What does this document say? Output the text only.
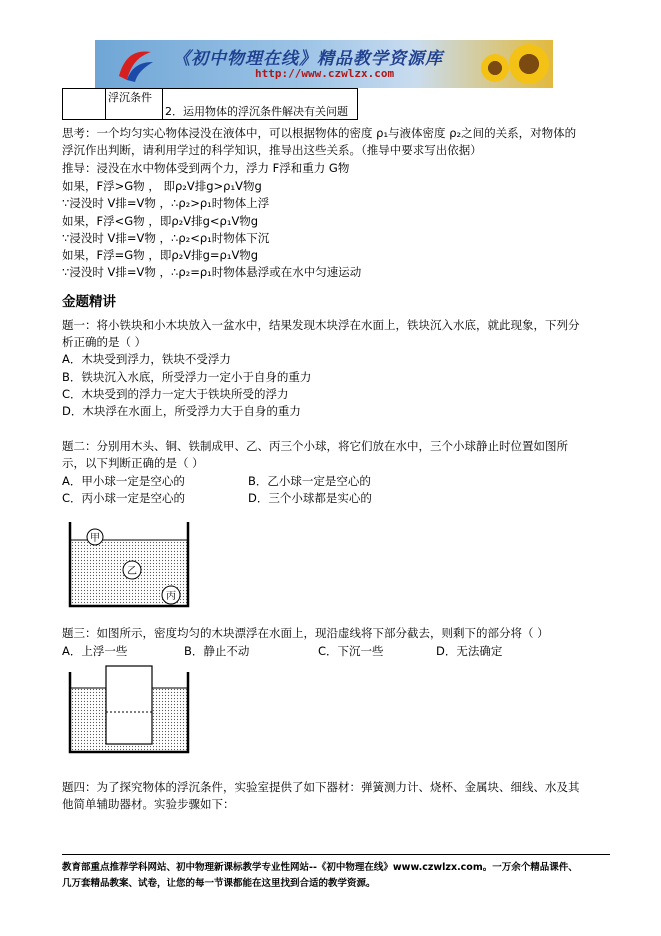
《初中物理在线》精品教学资源库
http://www.czwlzx.com
	浮沉条件	2．运用物体的浮沉条件解决有关问题
思考：一个均匀实心物体浸没在液体中，可以根据物体的密度 ρ₁与液体密度 ρ₂之间的关系，对物体的
浮沉作出判断，请利用学过的科学知识，推导出这些关系。（推导中要求写出依据）
推导：浸没在水中物体受到两个力，浮力 F浮和重力 G物
如果，F浮>G物 ， 即ρ₂V排g>ρ₁V物g
∵浸没时 V排=V物 ，∴ρ₂>ρ₁时物体上浮
如果，F浮<G物 ，即ρ₂V排g<ρ₁V物g
∵浸没时 V排=V物 ，∴ρ₂<ρ₁时物体下沉
如果，F浮=G物 ，即ρ₂V排g=ρ₁V物g
∵浸没时 V排=V物 ，∴ρ₂=ρ₁时物体悬浮或在水中匀速运动
金题精讲
题一：将小铁块和小木块放入一盆水中，结果发现木块浮在水面上，铁块沉入水底，就此现象，下列分
析正确的是（ ）
A．木块受到浮力，铁块不受浮力
B．铁块沉入水底，所受浮力一定小于自身的重力
C．木块受到的浮力一定大于铁块所受的浮力
D．木块浮在水面上，所受浮力大于自身的重力
题二：分别用木头、铜、铁制成甲、乙、丙三个小球，将它们放在水中，三个小球静止时位置如图所
示，以下判断正确的是（ ）
A．甲小球一定是空心的	B．乙小球一定是空心的
C．丙小球一定是空心的	D．三个小球都是实心的
甲
乙
丙
题三：如图所示，密度均匀的木块漂浮在水面上，现沿虚线将下部分截去，则剩下的部分将（ ）
A．上浮一些	B．静止不动	C．下沉一些	D．无法确定
题四：为了探究物体的浮沉条件，实验室提供了如下器材：弹簧测力计、烧杯、金属块、细线、水及其
他简单辅助器材。实验步骤如下：
教育部重点推荐学科网站、初中物理新课标教学专业性网站--《初中物理在线》www.czwlzx.com。一万余个精品课件、
几万套精品教案、试卷，让您的每一节课都能在这里找到合适的教学资源。
